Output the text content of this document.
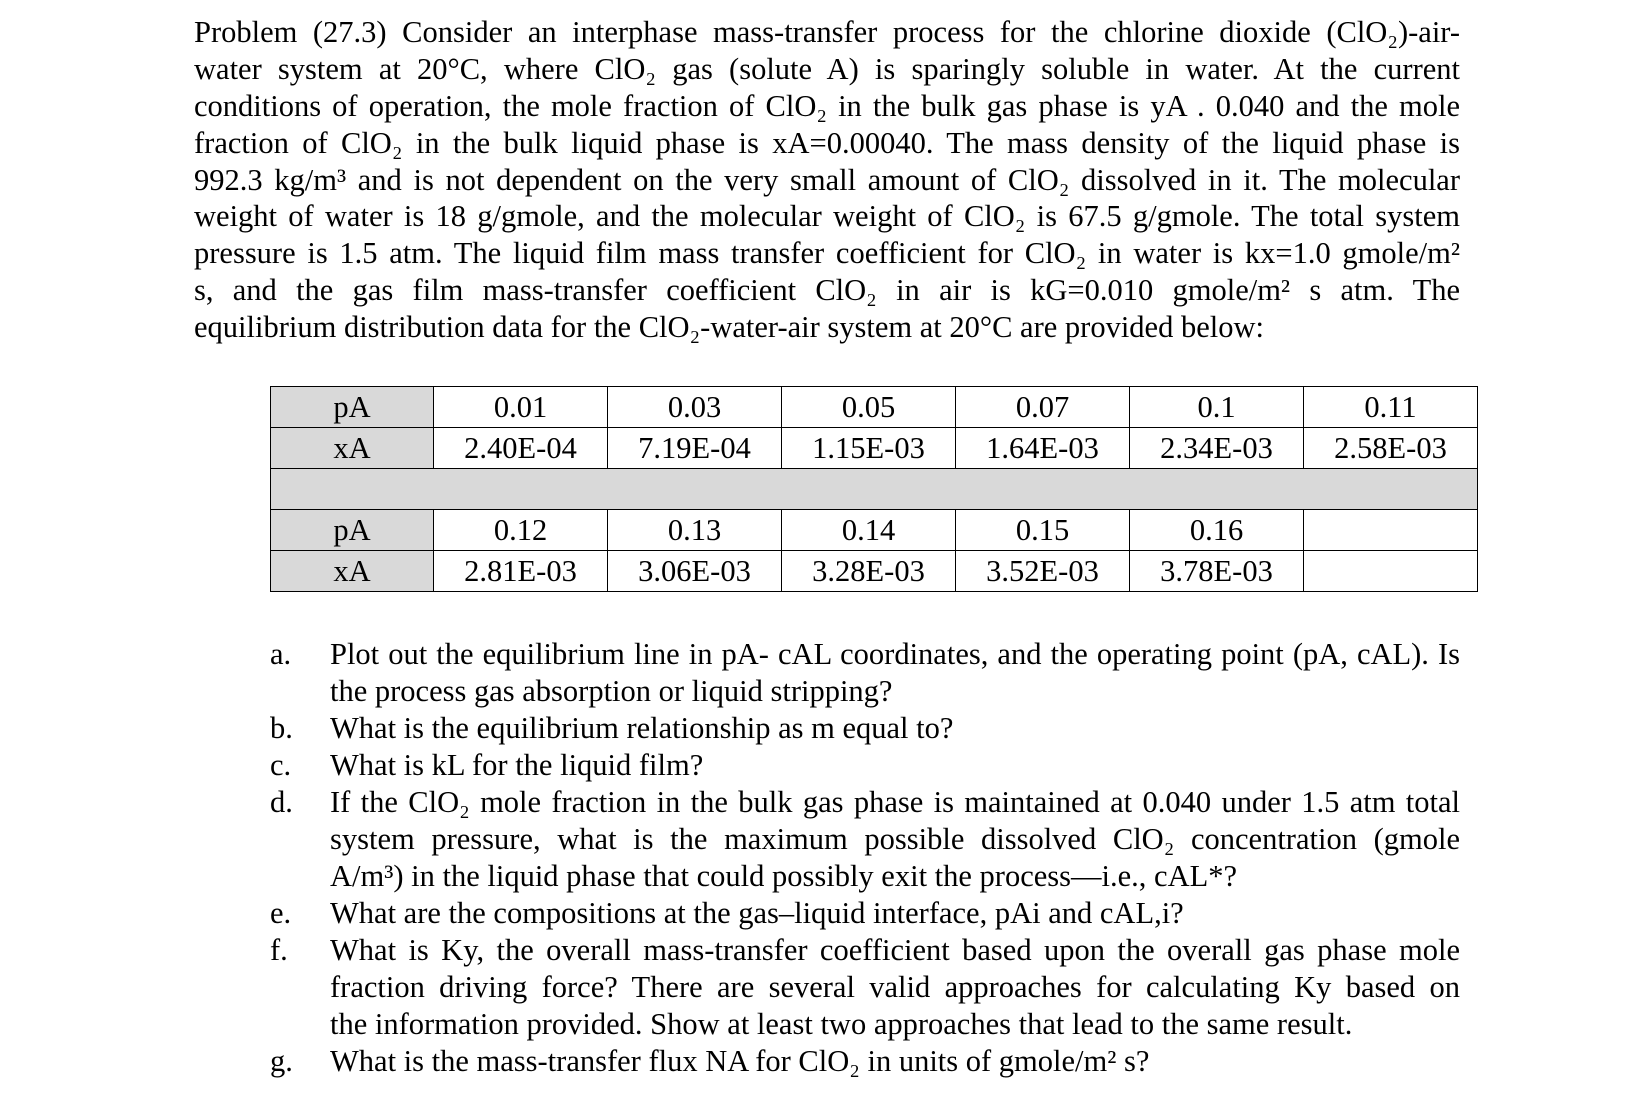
Problem (27.3) Consider an interphase mass-transfer process for the chlorine dioxide (ClO₂)-air-
water system at 20°C, where ClO₂ gas (solute A) is sparingly soluble in water. At the current
conditions of operation, the mole fraction of ClO₂ in the bulk gas phase is yA . 0.040 and the mole
fraction of ClO₂ in the bulk liquid phase is xA=0.00040. The mass density of the liquid phase is
992.3 kg/m³ and is not dependent on the very small amount of ClO₂ dissolved in it. The molecular
weight of water is 18 g/gmole, and the molecular weight of ClO₂ is 67.5 g/gmole. The total system
pressure is 1.5 atm. The liquid film mass transfer coefficient for ClO₂ in water is kx=1.0 gmole/m²
s, and the gas film mass-transfer coefficient ClO₂ in air is kG=0.010 gmole/m² s atm. The
equilibrium distribution data for the ClO₂-water-air system at 20°C are provided below:
pA	0.01	0.03	0.05	0.07	0.1	0.11
xA	2.40E-04	7.19E-04	1.15E-03	1.64E-03	2.34E-03	2.58E-03

pA	0.12	0.13	0.14	0.15	0.16	
xA	2.81E-03	3.06E-03	3.28E-03	3.52E-03	3.78E-03	
a.	Plot out the equilibrium line in pA- cAL coordinates, and the operating point (pA, cAL). Is
the process gas absorption or liquid stripping?
b.	What is the equilibrium relationship as m equal to?
c.	What is kL for the liquid film?
d.	If the ClO₂ mole fraction in the bulk gas phase is maintained at 0.040 under 1.5 atm total
system pressure, what is the maximum possible dissolved ClO₂ concentration (gmole
A/m³) in the liquid phase that could possibly exit the process—i.e., cAL*?
e.	What are the compositions at the gas–liquid interface, pAi and cAL,i?
f.	What is Ky, the overall mass-transfer coefficient based upon the overall gas phase mole
fraction driving force? There are several valid approaches for calculating Ky based on
the information provided. Show at least two approaches that lead to the same result.
g.	What is the mass-transfer flux NA for ClO₂ in units of gmole/m² s?
